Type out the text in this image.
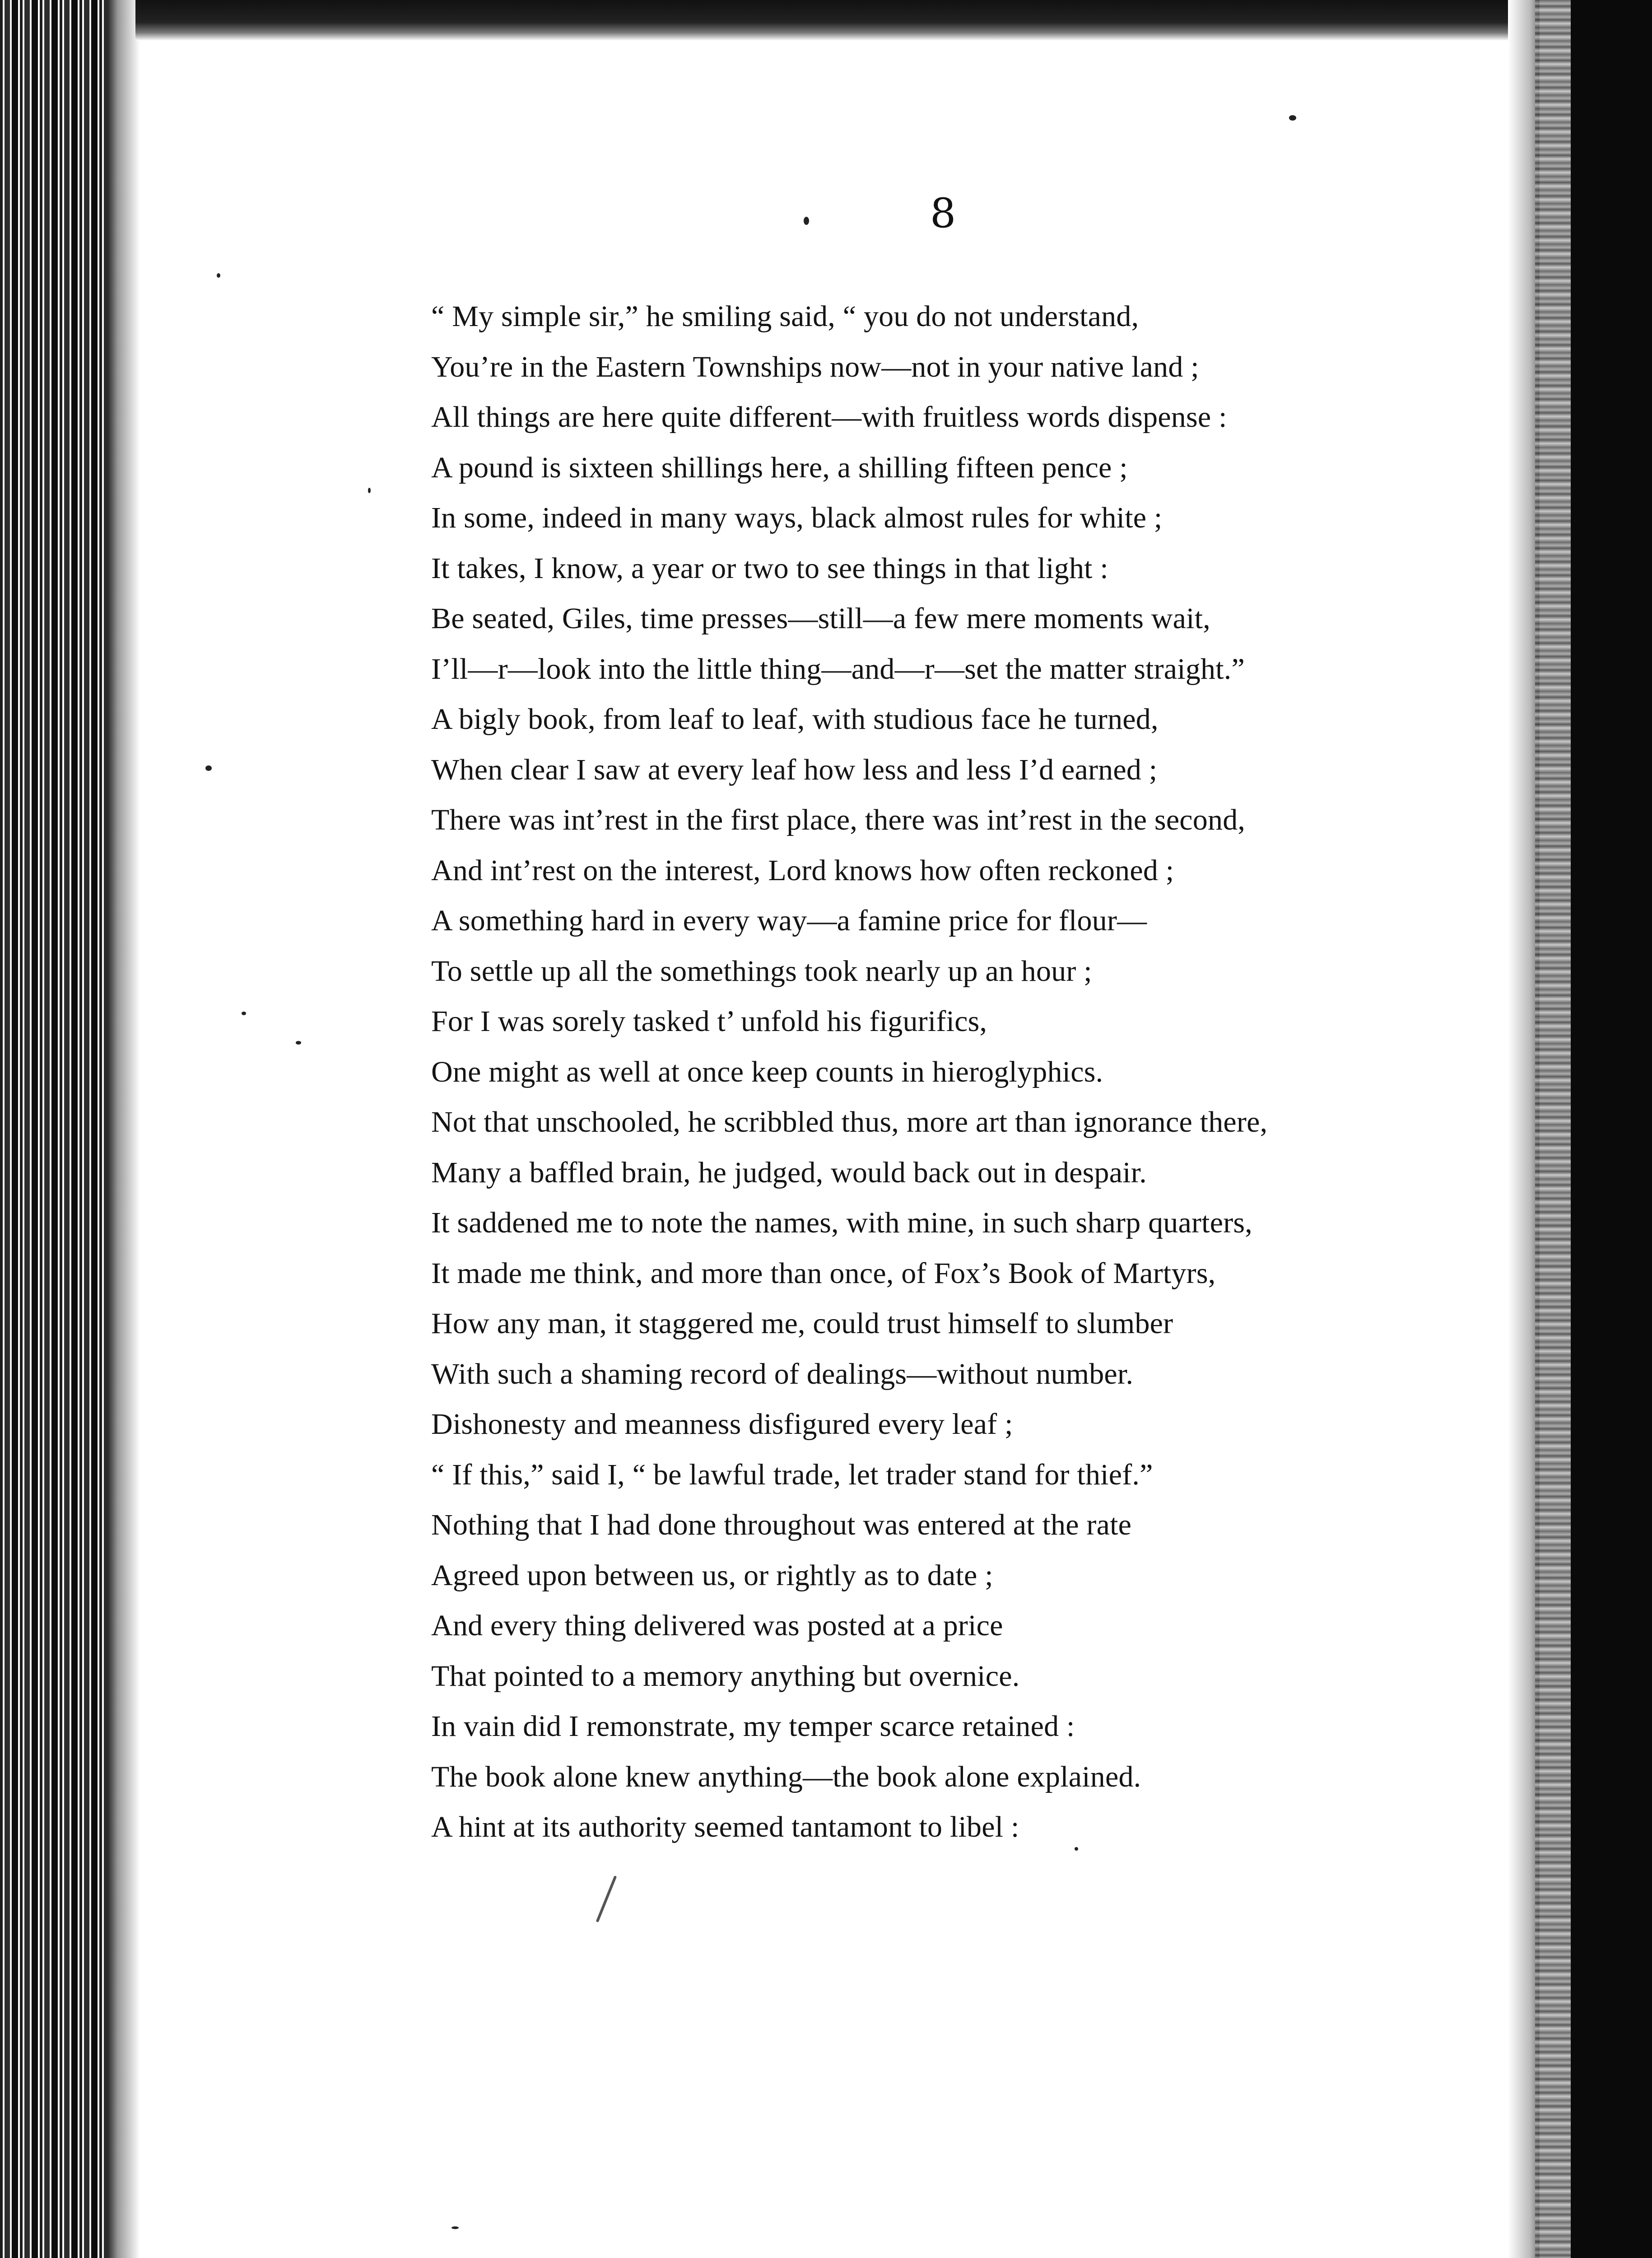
8
“ My simple sir,” he smiling said, “ you do not understand,
You’re in the Eastern Townships now—not in your native land ;
All things are here quite different—with fruitless words dispense :
A pound is sixteen shillings here, a shilling fifteen pence ;
In some, indeed in many ways, black almost rules for white ;
It takes, I know, a year or two to see things in that light :
Be seated, Giles, time presses—still—a few mere moments wait,
I’ll—r—look into the little thing—and—r—set the matter straight.”
A bigly book, from leaf to leaf, with studious face he turned,
When clear I saw at every leaf how less and less I’d earned ;
There was int’rest in the first place, there was int’rest in the second,
And int’rest on the interest, Lord knows how often reckoned ;
A something hard in every way—a famine price for flour—
To settle up all the somethings took nearly up an hour ;
For I was sorely tasked t’ unfold his figurifics,
One might as well at once keep counts in hieroglyphics.
Not that unschooled, he scribbled thus, more art than ignorance there,
Many a baffled brain, he judged, would back out in despair.
It saddened me to note the names, with mine, in such sharp quarters,
It made me think, and more than once, of Fox’s Book of Martyrs,
How any man, it staggered me, could trust himself to slumber
With such a shaming record of dealings—without number.
Dishonesty and meanness disfigured every leaf ;
“ If this,” said I, “ be lawful trade, let trader stand for thief.”
Nothing that I had done throughout was entered at the rate
Agreed upon between us, or rightly as to date ;
And every thing delivered was posted at a price
That pointed to a memory anything but overnice.
In vain did I remonstrate, my temper scarce retained :
The book alone knew anything—the book alone explained.
A hint at its authority seemed tantamont to libel :
